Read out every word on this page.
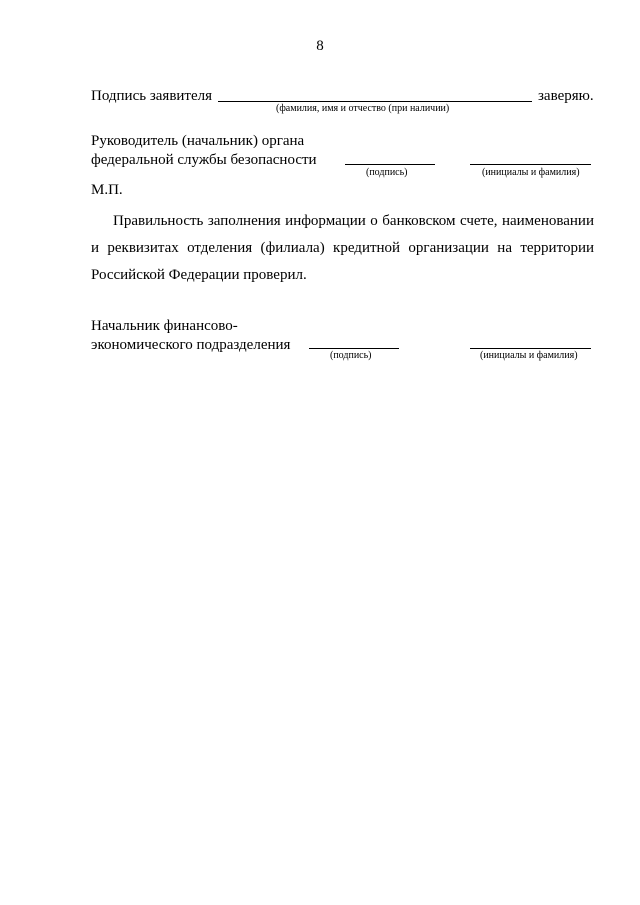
8
Подпись заявителя	заверяю.
(фамилия, имя и отчество (при наличии)
Руководитель (начальник) органа
федеральной службы безопасности
(подпись)	(инициалы и фамилия)
М.П.
Правильность заполнения информации о банковском счете, наименовании и реквизитах отделения (филиала) кредитной организации на территории Российской Федерации проверил.
Начальник финансово-
экономического подразделения
(подпись)	(инициалы и фамилия)
